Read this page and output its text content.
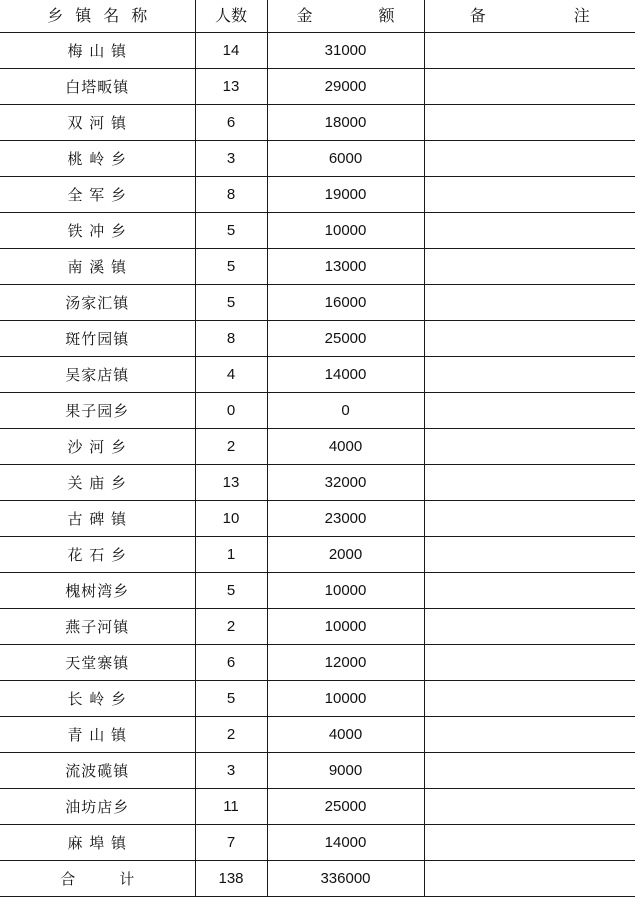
乡镇名称	人数	金 额	备 注
梅 山 镇	14	31000	
白塔畈镇	13	29000	
双 河 镇	6	18000	
桃 岭 乡	3	6000	
全 军 乡	8	19000	
铁 冲 乡	5	10000	
南 溪 镇	5	13000	
汤家汇镇	5	16000	
斑竹园镇	8	25000	
吴家店镇	4	14000	
果子园乡	0	0	
沙 河 乡	2	4000	
关 庙 乡	13	32000	
古 碑 镇	10	23000	
花 石 乡	1	2000	
槐树湾乡	5	10000	
燕子河镇	2	10000	
天堂寨镇	6	12000	
长 岭 乡	5	10000	
青 山 镇	2	4000	
流波𬒗镇	3	9000	
油坊店乡	11	25000	
麻 埠 镇	7	14000	
合 计	138	336000	
